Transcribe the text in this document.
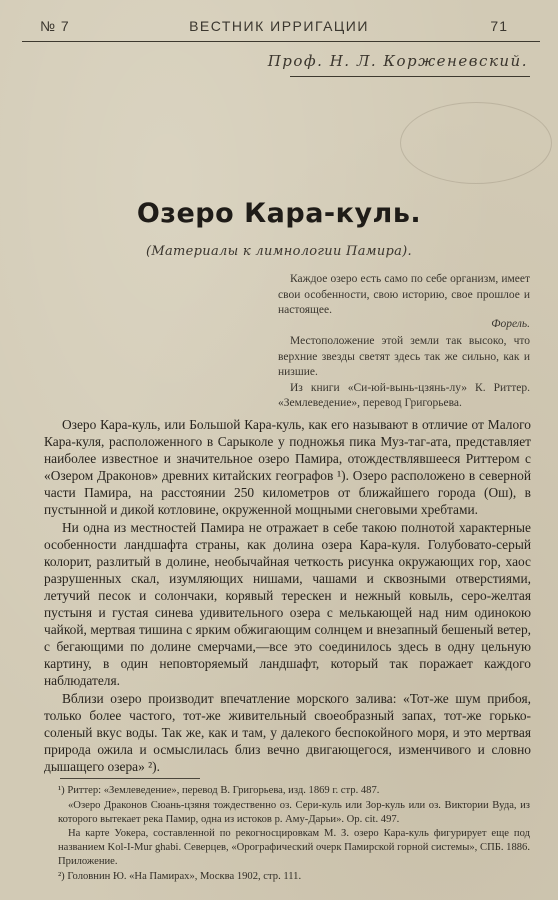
№ 7	ВЕСТНИК ИРРИГАЦИИ	71
Проф. Н. Л. Корженевский.
Озеро Кара-куль.
(Материалы к лимнологии Памира).

Каждое озеро есть само по себе организм, имеет свои особенности, свою историю, свое прошлое и настоящее.

Форель.

Местоположение этой земли так высоко, что верхние звезды светят здесь так же сильно, как и низшие.

Из книги «Си-юй-вынь-цзянь-лу» К. Риттер. «Землеведение», перевод Григорьева.

Озеро Кара-куль, или Большой Кара-куль, как его называют в отличие от Малого Кара-куля, расположенного в Сарыколе у подножья пика Муз-таг-ата, представляет наиболее известное и значительное озеро Памира, отождествлявшееся Риттером с «Озером Драконов» древних китайских географов ¹). Озеро расположено в северной части Памира, на расстоянии 250 километров от ближайшего города (Ош), в пустынной и дикой котловине, окруженной мощными снеговыми хребтами.

Ни одна из местностей Памира не отражает в себе такою полнотой характерные особенности ландшафта страны, как долина озера Кара-куля. Голубовато-серый колорит, разлитый в долине, необычайная четкость рисунка окружающих гор, хаос разрушенных скал, изумляющих нишами, чашами и сквозными отверстиями, летучий песок и солончаки, корявый терескен и нежный ковыль, серо-желтая пустыня и густая синева удивительного озера с мелькающей над ним одинокою чайкой, мертвая тишина с ярким обжигающим солнцем и внезапный бешеный ветер, с бегающими по долине смерчами,—все это соединилось здесь в одну цельную картину, в один неповторяемый ландшафт, который так поражает каждого наблюдателя.

Вблизи озеро производит впечатление морского залива: «Тот-же шум прибоя, только более частого, тот-же живительный своеобразный запах, тот-же горько-соленый вкус воды. Так же, как и там, у далекого беспокойного моря, и это мертвая природа ожила и осмыслилась близ вечно двигающегося, изменчивого и словно дышащего озера» ²).

¹) Риттер: «Землеведение», перевод В. Григорьева, изд. 1869 г. стр. 487.

«Озеро Драконов Сюань-цзяня тождественно оз. Сери-куль или Зор-куль или оз. Виктории Вуда, из которого вытекает река Памир, одна из истоков р. Аму-Дарьи». Ор. cit. 497.

На карте Уокера, составленной по рекогносцировкам М. З. озеро Кара-куль фигурирует еще под названием Kol-I-Mur ghabi. Северцев, «Орографический очерк Памирской горной системы», СПБ. 1886. Приложение.

²) Головнин Ю. «На Памирах», Москва 1902, стр. 111.
